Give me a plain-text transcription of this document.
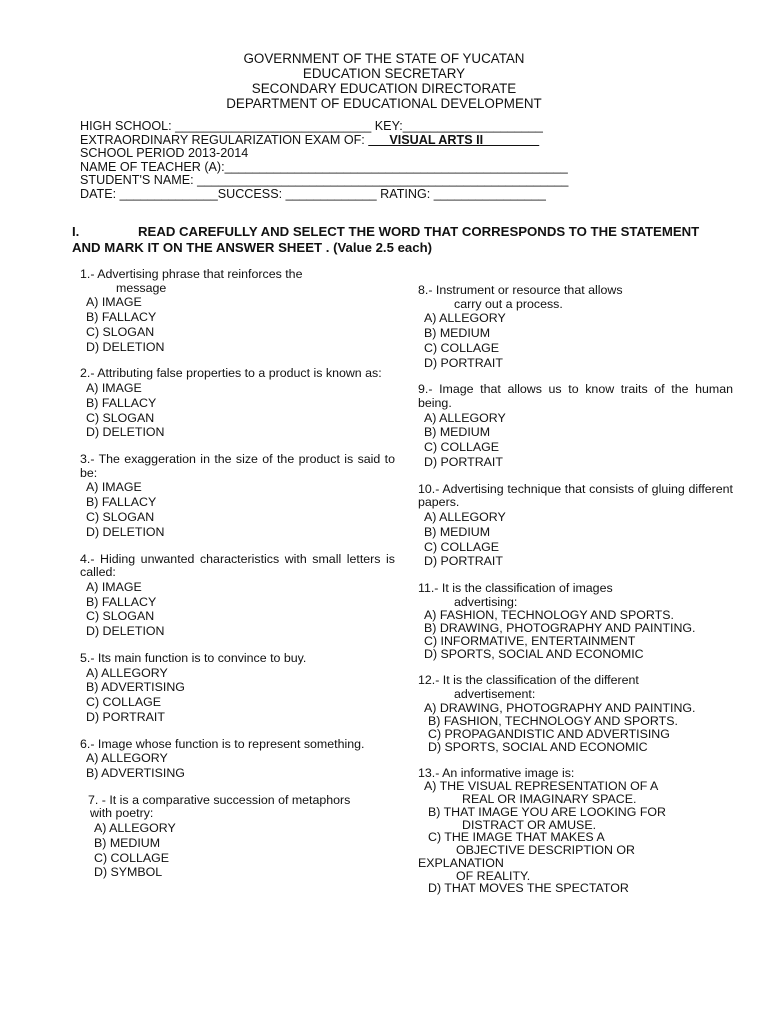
GOVERNMENT OF THE STATE OF YUCATAN
EDUCATION SECRETARY
SECONDARY EDUCATION DIRECTORATE
DEPARTMENT OF EDUCATIONAL DEVELOPMENT
HIGH SCHOOL: ____________________________ KEY:____________________
EXTRAORDINARY REGULARIZATION EXAM OF: ___VISUAL ARTS II________
SCHOOL PERIOD 2013-2014
NAME OF TEACHER (A):_________________________________________________
STUDENT'S NAME: _____________________________________________________
DATE: ______________SUCCESS: _____________ RATING: ________________
I.	READ CAREFULLY AND SELECT THE WORD THAT CORRESPONDS TO THE STATEMENT AND MARK IT ON THE ANSWER SHEET . (Value 2.5 each)
1.- Advertising phrase that reinforces the
message
A) IMAGE
B) FALLACY
C) SLOGAN
D) DELETION
2.- Attributing false properties to a product is known as:
A) IMAGE
B) FALLACY
C) SLOGAN
D) DELETION
3.- The exaggeration in the size of the product is said to be:
A) IMAGE
B) FALLACY
C) SLOGAN
D) DELETION
4.- Hiding unwanted characteristics with small letters is called:
A) IMAGE
B) FALLACY
C) SLOGAN
D) DELETION
5.- Its main function is to convince to buy.
A) ALLEGORY
B) ADVERTISING
C) COLLAGE
D) PORTRAIT
6.- Image whose function is to represent something.
A) ALLEGORY
B) ADVERTISING
7. - It is a comparative succession of metaphors
with poetry:
A) ALLEGORY
B) MEDIUM
C) COLLAGE
D) SYMBOL
8.- Instrument or resource that allows
carry out a process.
A) ALLEGORY
B) MEDIUM
C) COLLAGE
D) PORTRAIT
9.- Image that allows us to know traits of the human being.
A) ALLEGORY
B) MEDIUM
C) COLLAGE
D) PORTRAIT
10.- Advertising technique that consists of gluing different papers.
A) ALLEGORY
B) MEDIUM
C) COLLAGE
D) PORTRAIT
11.- It is the classification of images
advertising:
A) FASHION, TECHNOLOGY AND SPORTS.
B) DRAWING, PHOTOGRAPHY AND PAINTING.
C) INFORMATIVE, ENTERTAINMENT
D) SPORTS, SOCIAL AND ECONOMIC
12.- It is the classification of the different
advertisement:
A) DRAWING, PHOTOGRAPHY AND PAINTING.
B) FASHION, TECHNOLOGY AND SPORTS.
C) PROPAGANDISTIC AND ADVERTISING
D) SPORTS, SOCIAL AND ECONOMIC
13.- An informative image is:
A) THE VISUAL REPRESENTATION OF A
REAL OR IMAGINARY SPACE.
B) THAT IMAGE YOU ARE LOOKING FOR
DISTRACT OR AMUSE.
C) THE IMAGE THAT MAKES A
OBJECTIVE DESCRIPTION OR
EXPLANATION
OF REALITY.
D) THAT MOVES THE SPECTATOR
